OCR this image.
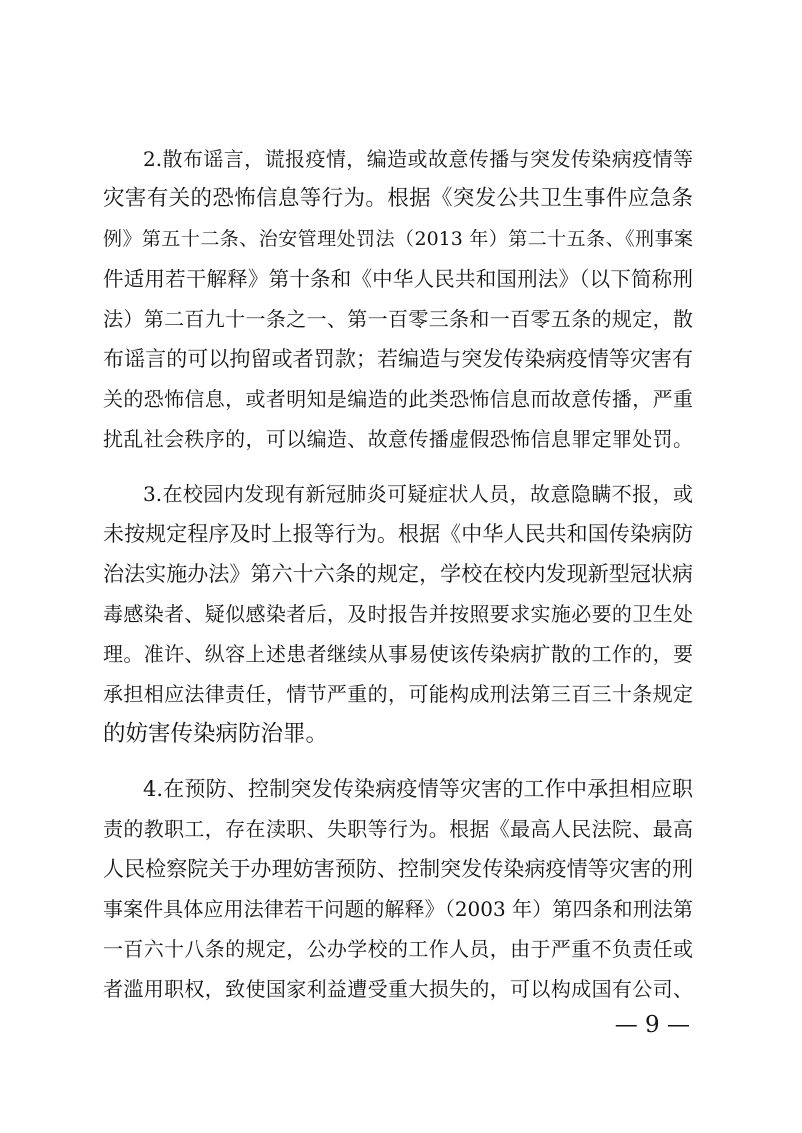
2.散布谣言，谎报疫情，编造或故意传播与突发传染病疫情等
灾害有关的恐怖信息等行为。根据《突发公共卫生事件应急条
例》第五十二条、治安管理处罚法（2013 年）第二十五条、《刑事案
件适用若干解释》第十条和《中华人民共和国刑法》（以下简称刑
法）第二百九十一条之一、第一百零三条和一百零五条的规定，散
布谣言的可以拘留或者罚款；若编造与突发传染病疫情等灾害有
关的恐怖信息，或者明知是编造的此类恐怖信息而故意传播，严重
扰乱社会秩序的，可以编造、故意传播虚假恐怖信息罪定罪处罚。
3.在校园内发现有新冠肺炎可疑症状人员，故意隐瞒不报，或
未按规定程序及时上报等行为。根据《中华人民共和国传染病防
治法实施办法》第六十六条的规定，学校在校内发现新型冠状病
毒感染者、疑似感染者后，及时报告并按照要求实施必要的卫生处
理。准许、纵容上述患者继续从事易使该传染病扩散的工作的，要
承担相应法律责任，情节严重的，可能构成刑法第三百三十条规定
的妨害传染病防治罪。
4.在预防、控制突发传染病疫情等灾害的工作中承担相应职
责的教职工，存在渎职、失职等行为。根据《最高人民法院、最高
人民检察院关于办理妨害预防、控制突发传染病疫情等灾害的刑
事案件具体应用法律若干问题的解释》（2003 年）第四条和刑法第
一百六十八条的规定，公办学校的工作人员，由于严重不负责任或
者滥用职权，致使国家利益遭受重大损失的，可以构成国有公司、
— 9 —
